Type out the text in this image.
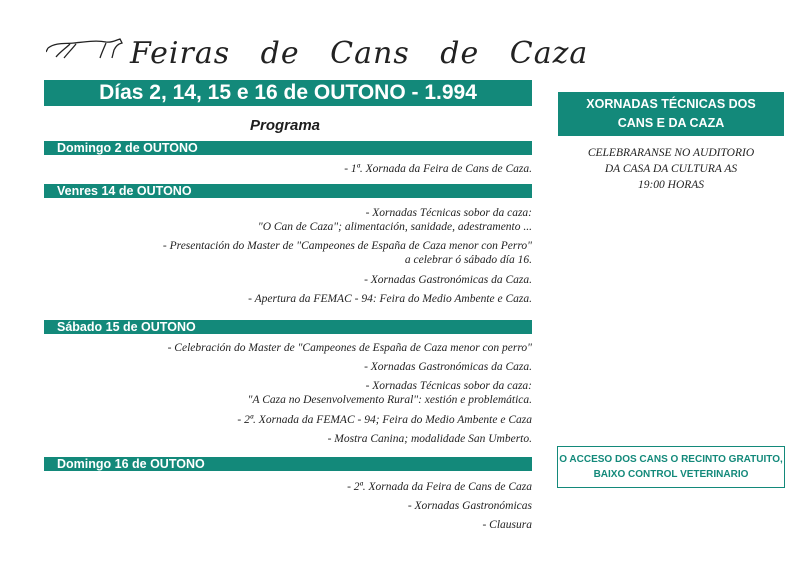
Feiras de Cans de Caza
Días 2, 14, 15 e 16 de OUTONO - 1.994
Programa
Domingo 2 de OUTONO
- 1ª. Xornada da Feira de Cans de Caza.
Venres 14 de OUTONO
- Xornadas Técnicas sobor da caza:
"O Can de Caza"; alimentación, sanidade, adestramento ...
- Presentación do Master de "Campeones de España de Caza menor con Perro"
a celebrar ó sábado día 16.
- Xornadas Gastronómicas da Caza.
- Apertura da FEMAC - 94: Feira do Medio Ambente e Caza.
Sábado 15 de OUTONO
- Celebración do Master de "Campeones de España de Caza menor con perro"
- Xornadas Gastronómicas da Caza.
- Xornadas Técnicas sobor da caza:
"A Caza no Desenvolvemento Rural": xestión e problemática.
- 2ª. Xornada da FEMAC - 94; Feira do Medio Ambente e Caza
- Mostra Canina; modalidade San Umberto.
Domingo 16 de OUTONO
- 2ª. Xornada da Feira de Cans de Caza
- Xornadas Gastronómicas
- Clausura
XORNADAS TÉCNICAS DOS
CANS E DA CAZA
CELEBRARANSE NO AUDITORIO
DA CASA DA CULTURA AS
19:00 HORAS
O ACCESO DOS CANS O RECINTO GRATUITO,
BAIXO CONTROL VETERINARIO
